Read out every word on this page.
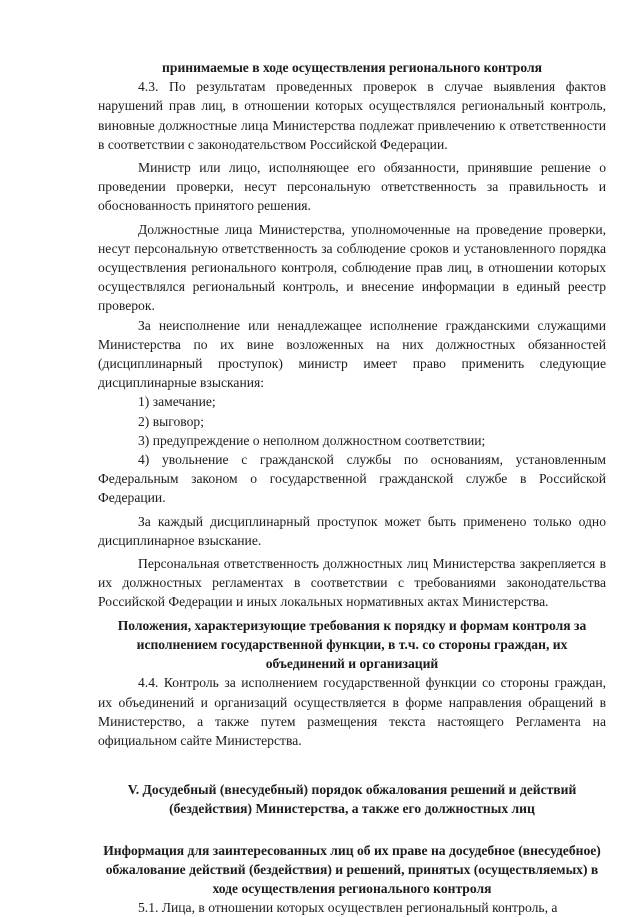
принимаемые в ходе осуществления регионального контроля

4.3. По результатам проведенных проверок в случае выявления фактов нарушений прав лиц, в отношении которых осуществлялся региональный контроль, виновные должностные лица Министерства подлежат привлечению к ответственности в соответствии с законодательством Российской Федерации.

Министр или лицо, исполняющее его обязанности, принявшие решение о проведении проверки, несут персональную ответственность за правильность и обоснованность принятого решения.

Должностные лица Министерства, уполномоченные на проведение проверки, несут персональную ответственность за соблюдение сроков и установленного порядка осуществления регионального контроля, соблюдение прав лиц, в отношении которых осуществлялся региональный контроль, и внесение информации в единый реестр проверок.

За неисполнение или ненадлежащее исполнение гражданскими служащими Министерства по их вине возложенных на них должностных обязанностей (дисциплинарный проступок) министр имеет право применить следующие дисциплинарные взыскания:

1) замечание;
2) выговор;
3) предупреждение о неполном должностном соответствии;

4) увольнение с гражданской службы по основаниям, установленным Федеральным законом о государственной гражданской службе в Российской Федерации.

За каждый дисциплинарный проступок может быть применено только одно дисциплинарное взыскание.

Персональная ответственность должностных лиц Министерства закрепляется в их должностных регламентах в соответствии с требованиями законодательства Российской Федерации и иных локальных нормативных актах Министерства.

Положения, характеризующие требования к порядку и формам контроля за исполнением государственной функции, в т.ч. со стороны граждан, их объединений и организаций

4.4. Контроль за исполнением государственной функции со стороны граждан, их объединений и организаций осуществляется в форме направления обращений в Министерство, а также путем размещения текста настоящего Регламента на официальном сайте Министерства.

V. Досудебный (внесудебный) порядок обжалования решений и действий (бездействия) Министерства, а также его должностных лиц
Информация для заинтересованных лиц об их праве на досудебное (внесудебное) обжалование действий (бездействия) и решений, принятых (осуществляемых) в ходе осуществления регионального контроля

5.1. Лица, в отношении которых осуществлен региональный контроль, а
